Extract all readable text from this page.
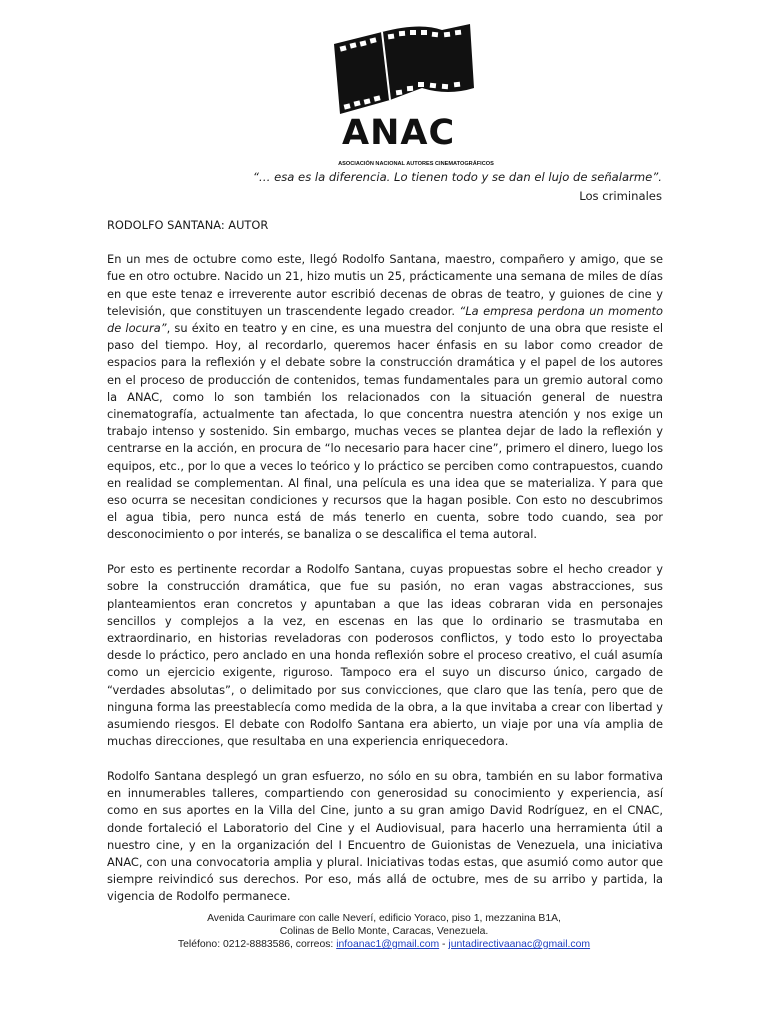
ANAC
ASOCIACIÓN NACIONAL AUTORES CINEMATOGRÁFICOS
“… esa es la diferencia. Lo tienen todo y se dan el lujo de señalarme”.
Los criminales
RODOLFO SANTANA: AUTOR

En un mes de octubre como este, llegó Rodolfo Santana, maestro, compañero y amigo, que se fue en otro octubre. Nacido un 21, hizo mutis un 25, prácticamente una semana de miles de días en que este tenaz e irreverente autor escribió decenas de obras de teatro, y guiones de cine y televisión, que constituyen un trascendente legado creador. “La empresa perdona un momento de locura”, su éxito en teatro y en cine, es una muestra del conjunto de una obra que resiste el paso del tiempo. Hoy, al recordarlo, queremos hacer énfasis en su labor como creador de espacios para la reflexión y el debate sobre la construcción dramática y el papel de los autores en el proceso de producción de contenidos, temas fundamentales para un gremio autoral como la ANAC, como lo son también los relacionados con la situación general de nuestra cinematografía, actualmente tan afectada, lo que concentra nuestra atención y nos exige un trabajo intenso y sostenido. Sin embargo, muchas veces se plantea dejar de lado la reflexión y centrarse en la acción, en procura de “lo necesario para hacer cine”, primero el dinero, luego los equipos, etc., por lo que a veces lo teórico y lo práctico se perciben como contrapuestos, cuando en realidad se complementan. Al final, una película es una idea que se materializa. Y para que eso ocurra se necesitan condiciones y recursos que la hagan posible. Con esto no descubrimos el agua tibia, pero nunca está de más tenerlo en cuenta, sobre todo cuando, sea por desconocimiento o por interés, se banaliza o se descalifica el tema autoral.

Por esto es pertinente recordar a Rodolfo Santana, cuyas propuestas sobre el hecho creador y sobre la construcción dramática, que fue su pasión, no eran vagas abstracciones, sus planteamientos eran concretos y apuntaban a que las ideas cobraran vida en personajes sencillos y complejos a la vez, en escenas en las que lo ordinario se trasmutaba en extraordinario, en historias reveladoras con poderosos conflictos, y todo esto lo proyectaba desde lo práctico, pero anclado en una honda reflexión sobre el proceso creativo, el cuál asumía como un ejercicio exigente, riguroso. Tampoco era el suyo un discurso único, cargado de “verdades absolutas”, o delimitado por sus convicciones, que claro que las tenía, pero que de ninguna forma las preestablecía como medida de la obra, a la que invitaba a crear con libertad y asumiendo riesgos. El debate con Rodolfo Santana era abierto, un viaje por una vía amplia de muchas direcciones, que resultaba en una experiencia enriquecedora.

Rodolfo Santana desplegó un gran esfuerzo, no sólo en su obra, también en su labor formativa en innumerables talleres, compartiendo con generosidad su conocimiento y experiencia, así como en sus aportes en la Villa del Cine, junto a su gran amigo David Rodríguez, en el CNAC, donde fortaleció el Laboratorio del Cine y el Audiovisual, para hacerlo una herramienta útil a nuestro cine, y en la organización del I Encuentro de Guionistas de Venezuela, una iniciativa ANAC, con una convocatoria amplia y plural. Iniciativas todas estas, que asumió como autor que siempre reivindicó sus derechos. Por eso, más allá de octubre, mes de su arribo y partida, la vigencia de Rodolfo permanece.

Avenida Caurimare con calle Neverí, edificio Yoraco, piso 1, mezzanina B1A,
Colinas de Bello Monte, Caracas, Venezuela.
Teléfono: 0212-8883586, correos: infoanac1@gmail.com - juntadirectivaanac@gmail.com
